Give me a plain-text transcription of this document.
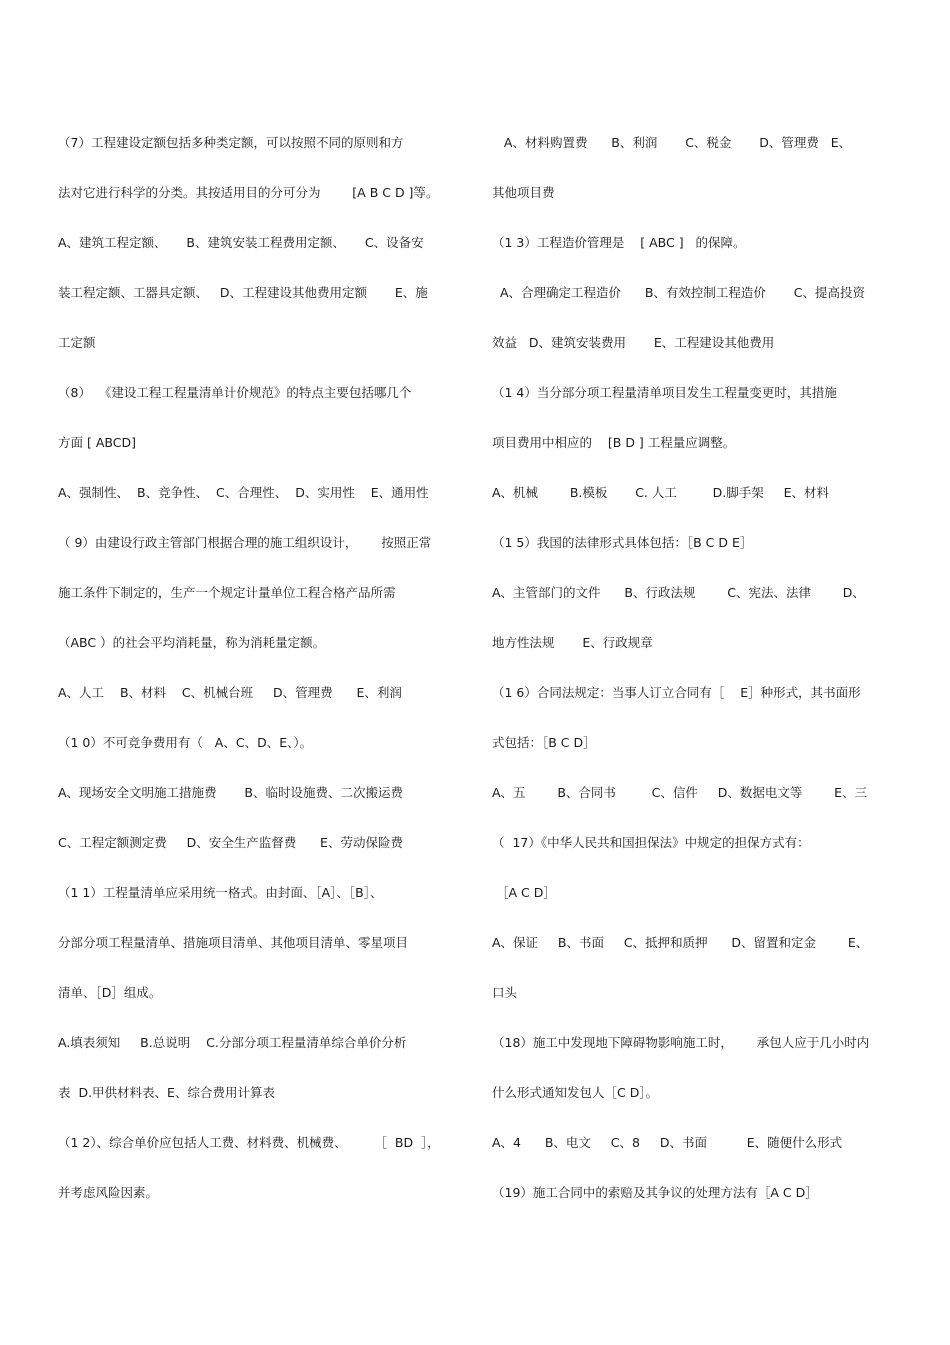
（7）工程建设定额包括多种类定额，可以按照不同的原则和方
法对它进行科学的分类。其按适用目的分可分为        [A B C D ]等。
A、建筑工程定额、     B、建筑安装工程费用定额、     C、设备安
装工程定额、工器具定额、   D、工程建设其他费用定额       E、施
工定额
（8）  《建设工程工程量清单计价规范》的特点主要包括哪几个
方面 [ ABCD]
A、强制性、  B、竞争性、  C、合理性、  D、实用性    E、通用性
（ 9）由建设行政主管部门根据合理的施工组织设计，      按照正常
施工条件下制定的，生产一个规定计量单位工程合格产品所需
（ABC ）的社会平均消耗量，称为消耗量定额。
A、人工    B、材料    C、机械台班     D、管理费      E、利润
（1 0）不可竞争费用有（   A、C、D、E、）。
A、现场安全文明施工措施费       B、临时设施费、二次搬运费
C、工程定额测定费     D、安全生产监督费      E、劳动保险费
（1 1）工程量清单应采用统一格式。由封面、［A］、［B］、
分部分项工程量清单、措施项目清单、其他项目清单、零星项目
清单、［D］组成。
A.填表须知     B.总说明    C.分部分项工程量清单综合单价分析
表  D.甲供材料表、E、综合费用计算表
（1 2）、综合单价应包括人工费、材料费、机械费、       ［  BD  ］，
并考虑风险因素。
A、材料购置费      B、利润       C、税金       D、管理费   E、
其他项目费
（1 3）工程造价管理是    [ ABC ]   的保障。
A、合理确定工程造价      B、有效控制工程造价       C、提高投资
效益   D、建筑安装费用       E、工程建设其他费用
（1 4）当分部分项工程量清单项目发生工程量变更时，其措施
项目费用中相应的    [B D ] 工程量应调整。
A、机械        B.模板       C. 人工         D.脚手架     E、材料
（1 5）我国的法律形式具体包括：［B C D E］
A、主管部门的文件      B、行政法规        C、宪法、法律        D、
地方性法规       E、行政规章
（1 6）合同法规定：当事人订立合同有［    E］种形式，其书面形
式包括：［B C D］
A、五        B、合同书         C、信件     D、数据电文等        E、三
（  17）《中华人民共和国担保法》中规定的担保方式有：
［A C D］
A、保证     B、书面     C、抵押和质押      D、留置和定金        E、
口头
（18）施工中发现地下障碍物影响施工时，      承包人应于几小时内
什么形式通知发包人［C D］。
A、4      B、电文     C、8     D、书面          E、随便什么形式
（19）施工合同中的索赔及其争议的处理方法有［A C D］
